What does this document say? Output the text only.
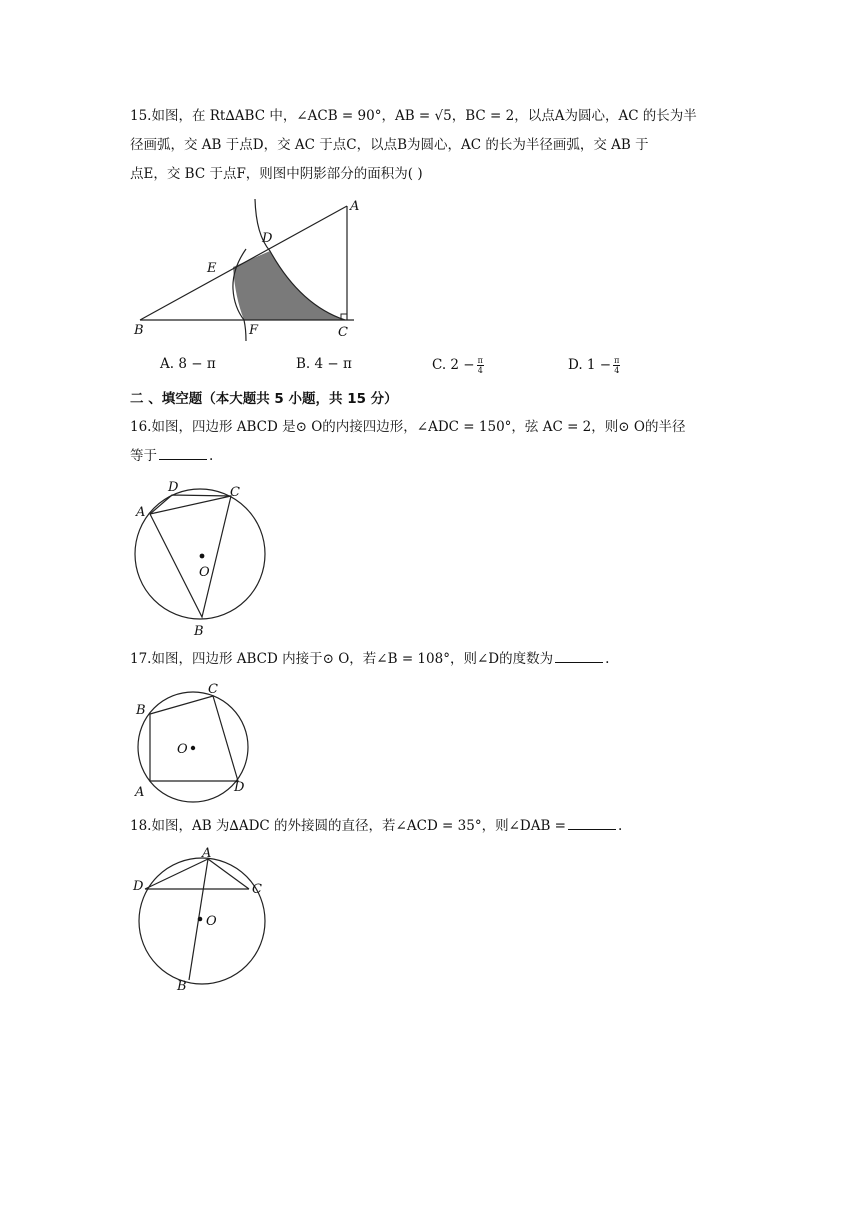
15.如图，在 Rt∆ABC 中，∠ACB = 90°，AB = √5，BC = 2，以点A为圆心，AC 的长为半
径画弧，交 AB 于点D，交 AC 于点C，以点B为圆心，AC 的长为半径画弧，交 AB 于
点E，交 BC 于点F，则图中阴影部分的面积为( )
A
B	C
D
E
F
A. 8 − π	B. 4 − π	C. $2 - \frac{\pi}{4}$	D. $1 - \frac{\pi}{4}$
二 、填空题（本大题共 5 小题，共 15 分）
16.如图，四边形 ABCD 是⊙ O的内接四边形，∠ADC = 150°，弦 AC = 2，则⊙ O的半径
等于	.
A
B
C
D
O
17.如图，四边形 ABCD 内接于⊙ O，若∠B = 108°，则∠D的度数为	.
A
B
C
D
O
18.如图，AB 为∆ADC 的外接圆的直径，若∠ACD = 35°，则∠DAB =	.
A
B
C
D
O
